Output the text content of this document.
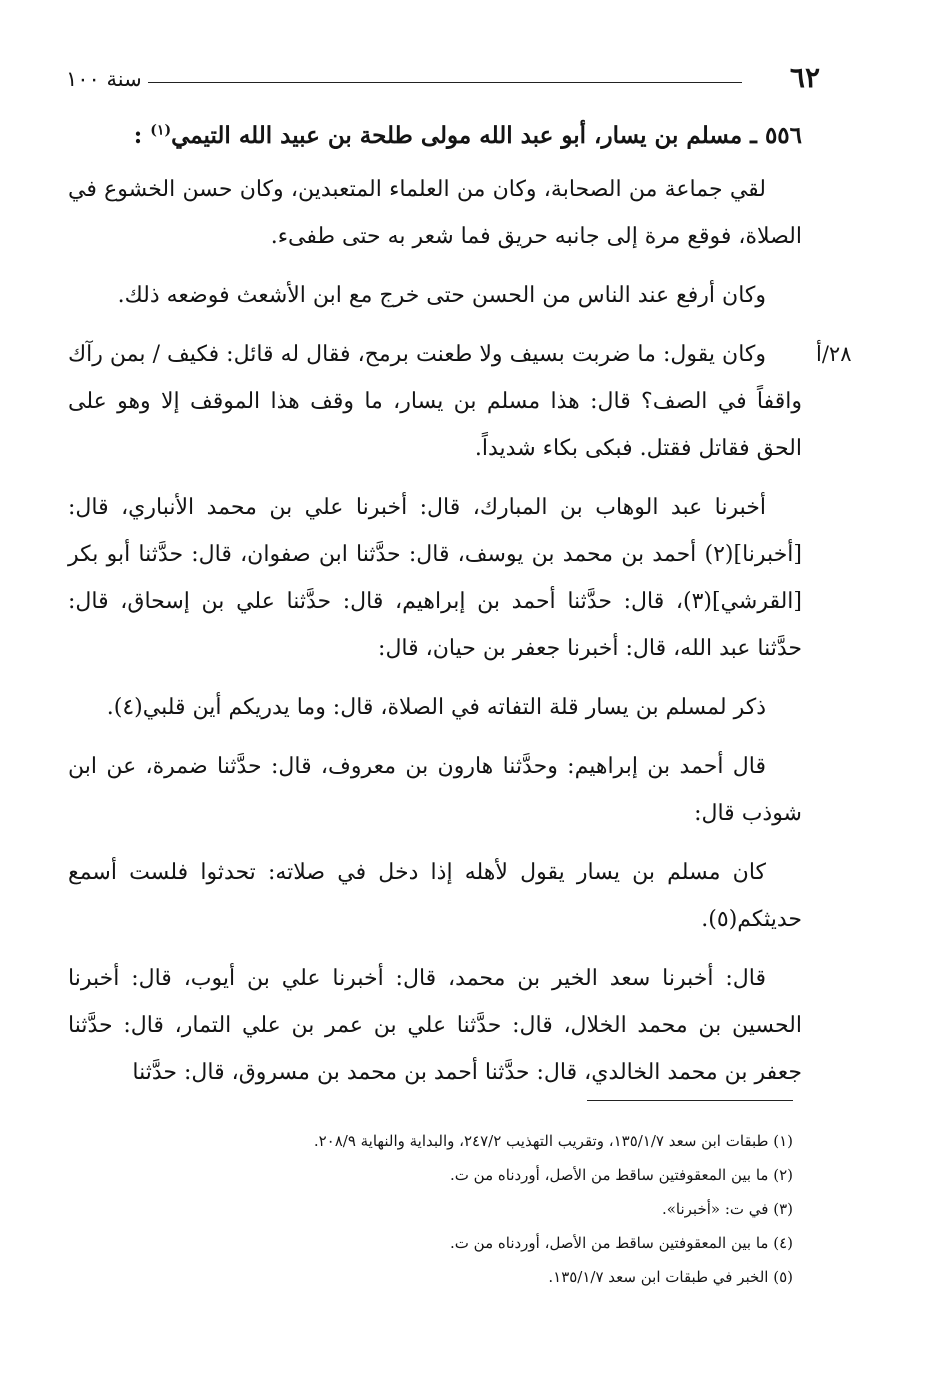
سنة ١٠٠	٦٢
٢٨/أ
٥٥٦ ـ مسلم بن يسار، أبو عبد الله مولى طلحة بن عبيد الله التيمي$^{(١)}$ :

لقي جماعة من الصحابة، وكان من العلماء المتعبدين، وكان حسن الخشوع في الصلاة، فوقع مرة إلى جانبه حريق فما شعر به حتى طفىء.

وكان أرفع عند الناس من الحسن حتى خرج مع ابن الأشعث فوضعه ذلك.

وكان يقول: ما ضربت بسيف ولا طعنت برمح، فقال له قائل: فكيف / بمن رآك واقفاً في الصف؟ قال: هذا مسلم بن يسار، ما وقف هذا الموقف إلا وهو على الحق فقاتل فقتل. فبكى بكاء شديداً.

أخبرنا عبد الوهاب بن المبارك، قال: أخبرنا علي بن محمد الأنباري، قال: [أخبرنا](٢) أحمد بن محمد بن يوسف، قال: حدَّثنا ابن صفوان، قال: حدَّثنا أبو بكر [القرشي](٣)، قال: حدَّثنا أحمد بن إبراهيم، قال: حدَّثنا علي بن إسحاق، قال: حدَّثنا عبد الله، قال: أخبرنا جعفر بن حيان، قال:

ذكر لمسلم بن يسار قلة التفاته في الصلاة، قال: وما يدريكم أين قلبي(٤).

قال أحمد بن إبراهيم: وحدَّثنا هارون بن معروف، قال: حدَّثنا ضمرة، عن ابن شوذب قال:

كان مسلم بن يسار يقول لأهله إذا دخل في صلاته: تحدثوا فلست أسمع حديثكم(٥).

قال: أخبرنا سعد الخير بن محمد، قال: أخبرنا علي بن أيوب، قال: أخبرنا الحسين بن محمد الخلال، قال: حدَّثنا علي بن عمر بن علي التمار، قال: حدَّثنا جعفر بن محمد الخالدي، قال: حدَّثنا أحمد بن محمد بن مسروق، قال: حدَّثنا

(١) طبقات ابن سعد ١٣٥/١/٧، وتقريب التهذيب ٢٤٧/٢، والبداية والنهاية ٢٠٨/٩.
(٢) ما بين المعقوفتين ساقط من الأصل، أوردناه من ت.
(٣) في ت: «أخبرنا».
(٤) ما بين المعقوفتين ساقط من الأصل، أوردناه من ت.
(٥) الخبر في طبقات ابن سعد ١٣٥/١/٧.
